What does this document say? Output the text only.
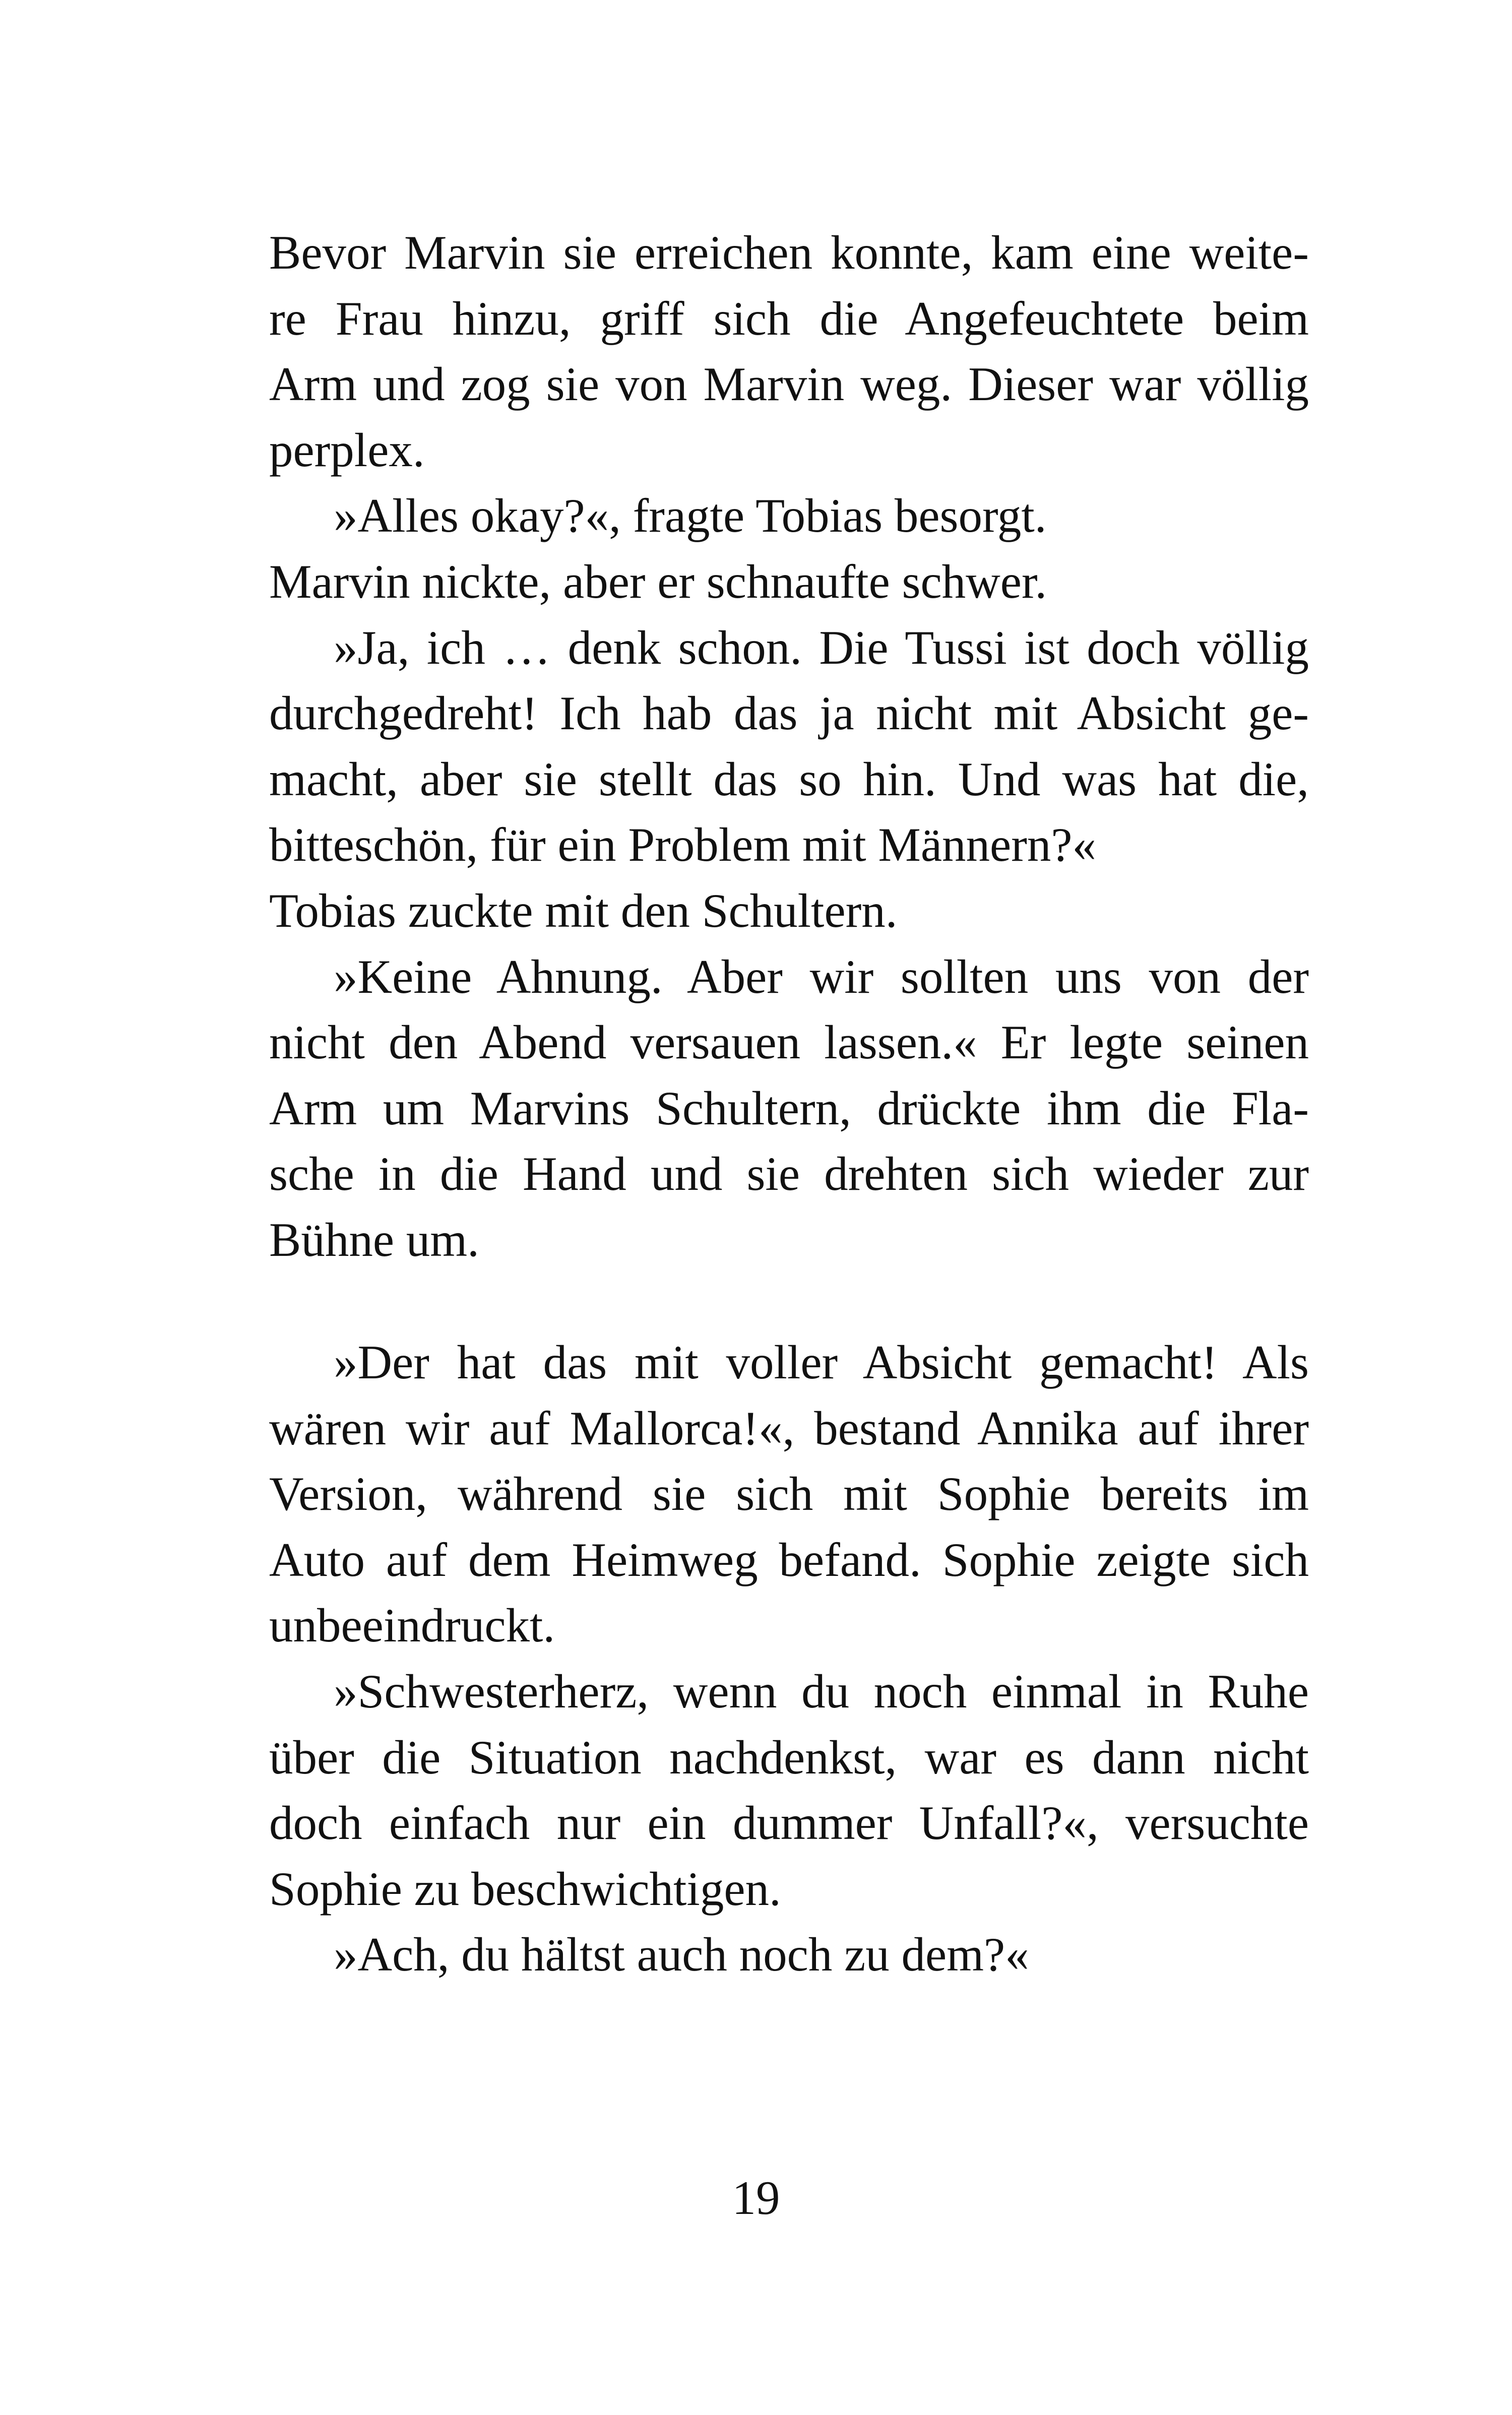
Bevor Marvin sie erreichen konnte, kam eine weite-
re Frau hinzu, griff sich die Angefeuchtete beim
Arm und zog sie von Marvin weg. Dieser war völlig
perplex.
»Alles okay?«, fragte Tobias besorgt.
Marvin nickte, aber er schnaufte schwer.
»Ja, ich … denk schon. Die Tussi ist doch völlig
durchgedreht! Ich hab das ja nicht mit Absicht ge-
macht, aber sie stellt das so hin. Und was hat die,
bitteschön, für ein Problem mit Männern?«
Tobias zuckte mit den Schultern.
»Keine Ahnung. Aber wir sollten uns von der
nicht den Abend versauen lassen.« Er legte seinen
Arm um Marvins Schultern, drückte ihm die Fla-
sche in die Hand und sie drehten sich wieder zur
Bühne um.
»Der hat das mit voller Absicht gemacht! Als
wären wir auf Mallorca!«, bestand Annika auf ihrer
Version, während sie sich mit Sophie bereits im
Auto auf dem Heimweg befand. Sophie zeigte sich
unbeeindruckt.
»Schwesterherz, wenn du noch einmal in Ruhe
über die Situation nachdenkst, war es dann nicht
doch einfach nur ein dummer Unfall?«, versuchte
Sophie zu beschwichtigen.
»Ach, du hältst auch noch zu dem?«
19
